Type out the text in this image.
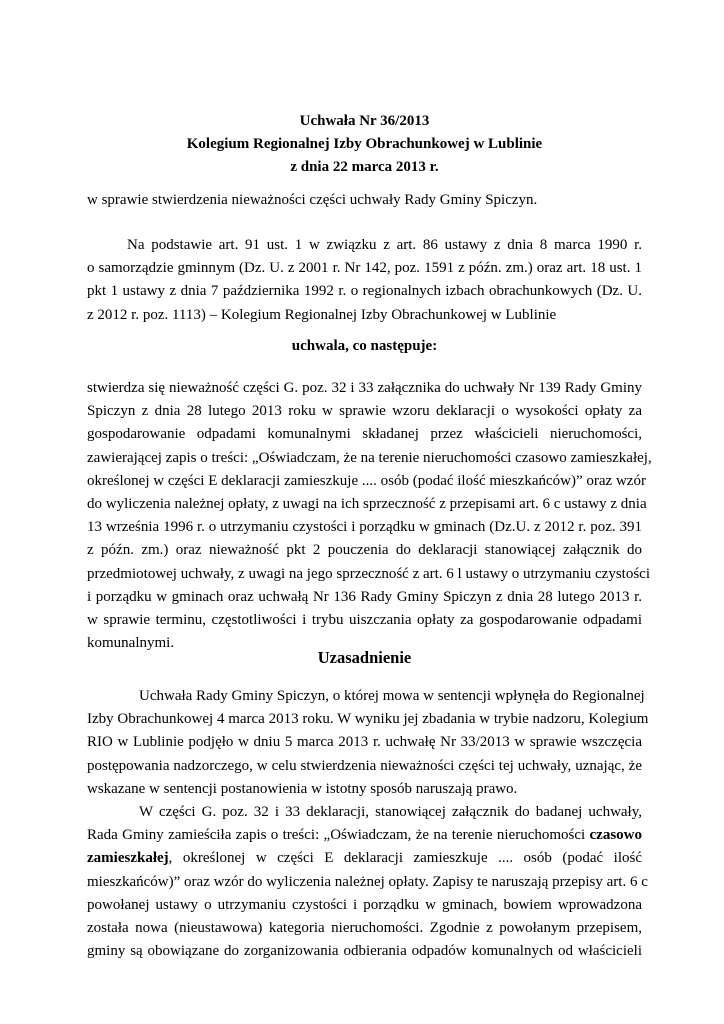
Uchwała Nr 36/2013
Kolegium Regionalnej Izby Obrachunkowej w Lublinie
z dnia 22 marca 2013 r.
w sprawie stwierdzenia nieważności części uchwały Rady Gminy Spiczyn.
Na podstawie art. 91 ust. 1 w związku z art. 86 ustawy z dnia 8 marca 1990 r.
o samorządzie gminnym (Dz. U. z 2001 r. Nr 142, poz. 1591 z późn. zm.) oraz art. 18 ust. 1
pkt 1 ustawy z dnia 7 października 1992 r. o regionalnych izbach obrachunkowych (Dz. U.
z 2012 r. poz. 1113) – Kolegium Regionalnej Izby Obrachunkowej w Lublinie
uchwala, co następuje:
stwierdza się nieważność części G. poz. 32 i 33 załącznika do uchwały Nr 139 Rady Gminy
Spiczyn z dnia 28 lutego 2013 roku w sprawie wzoru deklaracji o wysokości opłaty za
gospodarowanie odpadami komunalnymi składanej przez właścicieli nieruchomości,
zawierającej zapis o treści: „Oświadczam, że na terenie nieruchomości czasowo zamieszkałej,
określonej w części E deklaracji zamieszkuje .... osób (podać ilość mieszkańców)” oraz wzór
do wyliczenia należnej opłaty, z uwagi na ich sprzeczność z przepisami art. 6 c ustawy z dnia
13 września 1996 r. o utrzymaniu czystości i porządku w gminach (Dz.U. z 2012 r. poz. 391
z późn. zm.) oraz nieważność pkt 2 pouczenia do deklaracji stanowiącej załącznik do
przedmiotowej uchwały, z uwagi na jego sprzeczność z art. 6 l ustawy o utrzymaniu czystości
i porządku w gminach oraz uchwałą Nr 136 Rady Gminy Spiczyn z dnia 28 lutego 2013 r.
w sprawie terminu, częstotliwości i trybu uiszczania opłaty za gospodarowanie odpadami
komunalnymi.
Uzasadnienie
Uchwała Rady Gminy Spiczyn, o której mowa w sentencji wpłynęła do Regionalnej
Izby Obrachunkowej 4 marca 2013 roku. W wyniku jej zbadania w trybie nadzoru, Kolegium
RIO w Lublinie podjęło w dniu 5 marca 2013 r. uchwałę Nr 33/2013 w sprawie wszczęcia
postępowania nadzorczego, w celu stwierdzenia nieważności części tej uchwały, uznając, że
wskazane w sentencji postanowienia w istotny sposób naruszają prawo.
W części G. poz. 32 i 33 deklaracji, stanowiącej załącznik do badanej uchwały,
Rada Gminy zamieściła zapis o treści: „Oświadczam, że na terenie nieruchomości czasowo
zamieszkałej, określonej w części E deklaracji zamieszkuje .... osób (podać ilość
mieszkańców)” oraz wzór do wyliczenia należnej opłaty. Zapisy te naruszają przepisy art. 6 c
powołanej ustawy o utrzymaniu czystości i porządku w gminach, bowiem wprowadzona
została nowa (nieustawowa) kategoria nieruchomości. Zgodnie z powołanym przepisem,
gminy są obowiązane do zorganizowania odbierania odpadów komunalnych od właścicieli
